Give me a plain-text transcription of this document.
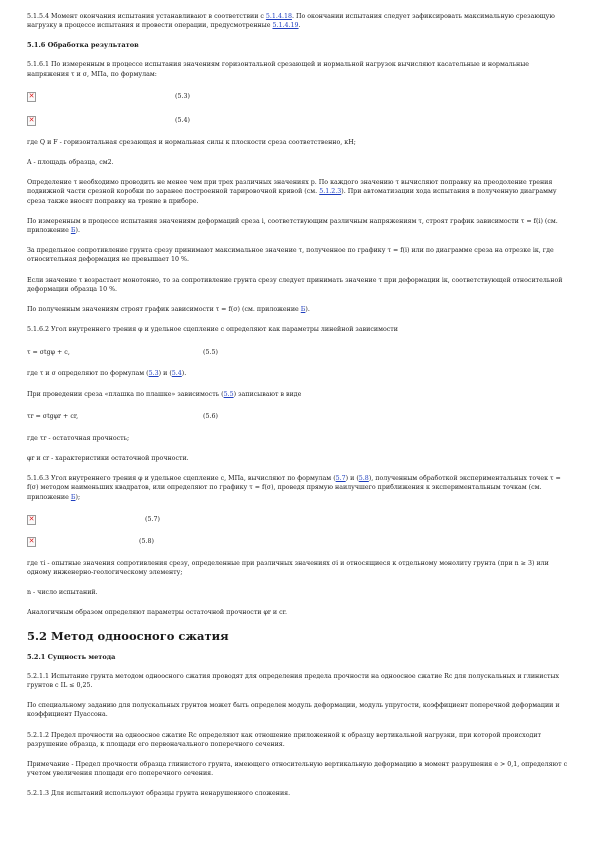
5.1.5.4 Момент окончания испытания устанавливают в соответствии с 5.1.4.18. По окончании испытания следует зафиксировать максимальную срезающую нагрузку в процессе испытания и провести операции, предусмотренные 5.1.4.19.

5.1.6 Обработка результатов

5.1.6.1 По измеренным в процессе испытания значениям горизонтальной срезающей и нормальной нагрузок вычисляют касательные и нормальные напряжения τ и σ, МПа, по формулам:

✕	(5.3)
✕	(5.4)

где Q и F - горизонтальная срезающая и нормальная силы к плоскости среза соответственно, кН;

A - площадь образца, см2.

Определение τ необходимо проводить не менее чем при трех различных значениях p. По каждого значению τ вычисляют поправку на преодоление трения подвижной части срезной коробки по заранее построенной тарировочной кривой (см. 5.1.2.3). При автоматизации хода испытания в полученную диаграмму среза также вносят поправку на трение в приборе.

По измеренным в процессе испытания значениям деформаций среза i, соответствующим различным напряжениям τ, строят график зависимости τ = f(i) (см. приложение Б).

За предельное сопротивление грунта срезу принимают максимальное значение τ, полученное по графику τ = f(i) или по диаграмме среза на отрезке iк, где относительная деформация не превышает 10 %.

Если значение τ возрастает монотонно, то за сопротивление грунта срезу следует принимать значение τ при деформации iк, соответствующей относительной деформации образца 10 %.

По полученным значениям строят график зависимости τ = f(σ) (см. приложение Б).

5.1.6.2 Угол внутреннего трения φ и удельное сцепление с определяют как параметры линейной зависимости

τ = σtgφ + c,	(5.5)

где τ и σ определяют по формулам (5.3) и (5.4).

При проведении среза «плашка по плашке» зависимость (5.5) записывают в виде

τr = σtgφr + cr,	(5.6)

где τr - остаточная прочность;

φr и cr - характеристики остаточной прочности.

5.1.6.3 Угол внутреннего трения φ и удельное сцепление c, МПа, вычисляют по формулам (5.7) и (5.8), полученным обработкой экспериментальных точек τ = f(σ) методом наименьших квадратов, или определяют по графику τ = f(σ), проведя прямую наилучшего приближения к экспериментальным точкам (см. приложение Б);

✕	(5.7)
✕	(5.8)

где τi - опытные значения сопротивления срезу, определенные при различных значениях σi и относящиеся к отдельному монолиту грунта (при n ≥ 3) или одному инженерно-геологическому элементу;

n - число испытаний.

Аналогичным образом определяют параметры остаточной прочности φr и cr.

5.2 Метод одноосного сжатия
5.2.1 Сущность метода

5.2.1.1 Испытание грунта методом одноосного сжатия проводят для определения предела прочности на одноосное сжатие Rc для полускальных и глинистых грунтов с IL ≤ 0,25.

По специальному заданию для полускальных грунтов может быть определен модуль деформации, модуль упругости, коэффициент поперечной деформации и коэффициент Пуассона.

5.2.1.2 Предел прочности на одноосное сжатие Rc определяют как отношение приложенной к образцу вертикальной нагрузки, при которой происходит разрушение образца, к площади его первоначального поперечного сечения.

Примечание - Предел прочности образца глинистого грунта, имеющего относительную вертикальную деформацию в момент разрушения e > 0,1, определяют с учетом увеличения площади его поперечного сечения.

5.2.1.3 Для испытаний используют образцы грунта ненарушенного сложения.
